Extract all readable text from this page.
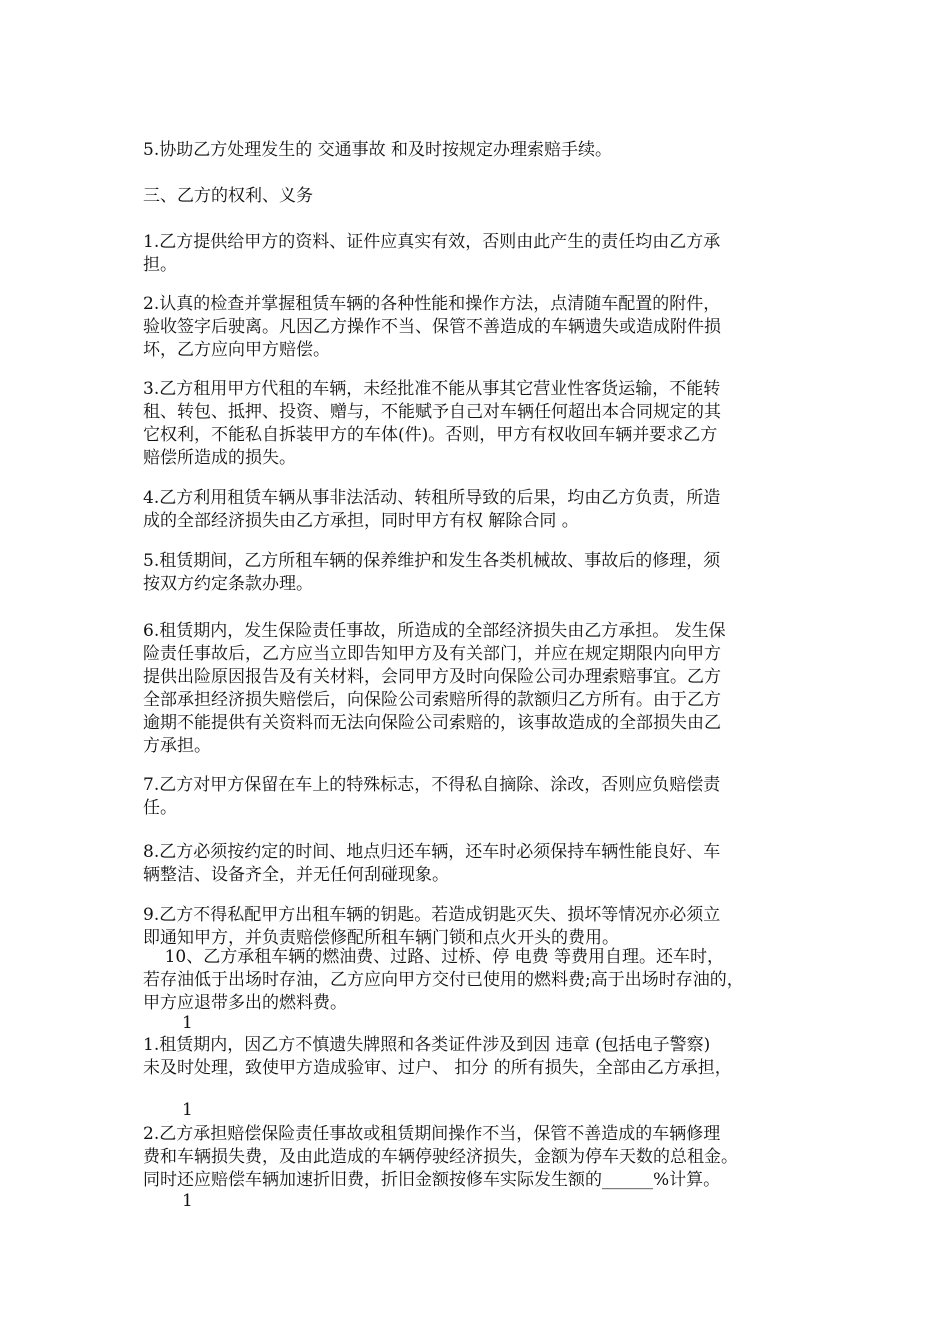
5.协助乙方处理发生的 交通事故 和及时按规定办理索赔手续。
三、乙方的权利、义务
1.乙方提供给甲方的资料、证件应真实有效，否则由此产生的责任均由乙方承
担。
2.认真的检查并掌握租赁车辆的各种性能和操作方法，点清随车配置的附件，
验收签字后驶离。凡因乙方操作不当、保管不善造成的车辆遗失或造成附件损
坏，乙方应向甲方赔偿。
3.乙方租用甲方代租的车辆，未经批准不能从事其它营业性客货运输，不能转
租、转包、抵押、投资、赠与，不能赋予自己对车辆任何超出本合同规定的其
它权利，不能私自拆装甲方的车体(件)。否则，甲方有权收回车辆并要求乙方
赔偿所造成的损失。
4.乙方利用租赁车辆从事非法活动、转租所导致的后果，均由乙方负责，所造
成的全部经济损失由乙方承担，同时甲方有权 解除合同 。
5.租赁期间，乙方所租车辆的保养维护和发生各类机械故、事故后的修理，须
按双方约定条款办理。
6.租赁期内，发生保险责任事故，所造成的全部经济损失由乙方承担。 发生保
险责任事故后，乙方应当立即告知甲方及有关部门，并应在规定期限内向甲方
提供出险原因报告及有关材料，会同甲方及时向保险公司办理索赔事宜。乙方
全部承担经济损失赔偿后，向保险公司索赔所得的款额归乙方所有。由于乙方
逾期不能提供有关资料而无法向保险公司索赔的，该事故造成的全部损失由乙
方承担。
7.乙方对甲方保留在车上的特殊标志，不得私自摘除、涂改，否则应负赔偿责
任。
8.乙方必须按约定的时间、地点归还车辆，还车时必须保持车辆性能良好、车
辆整洁、设备齐全，并无任何刮碰现象。
9.乙方不得私配甲方出租车辆的钥匙。若造成钥匙灭失、损坏等情况亦必须立
即通知甲方，并负责赔偿修配所租车辆门锁和点火开头的费用。
10、乙方承租车辆的燃油费、过路、过桥、停 电费 等费用自理。还车时，
若存油低于出场时存油，乙方应向甲方交付已使用的燃料费;高于出场时存油的，
甲方应退带多出的燃料费。

1

1.租赁期内，因乙方不慎遗失牌照和各类证件涉及到因 违章 (包括电子警察)
未及时处理，致使甲方造成验审、过户、 扣分 的所有损失，全部由乙方承担，

1

2.乙方承担赔偿保险责任事故或租赁期间操作不当，保管不善造成的车辆修理
费和车辆损失费，及由此造成的车辆停驶经济损失，金额为停车天数的总租金。
同时还应赔偿车辆加速折旧费，折旧金额按修车实际发生额的______%计算。

1
